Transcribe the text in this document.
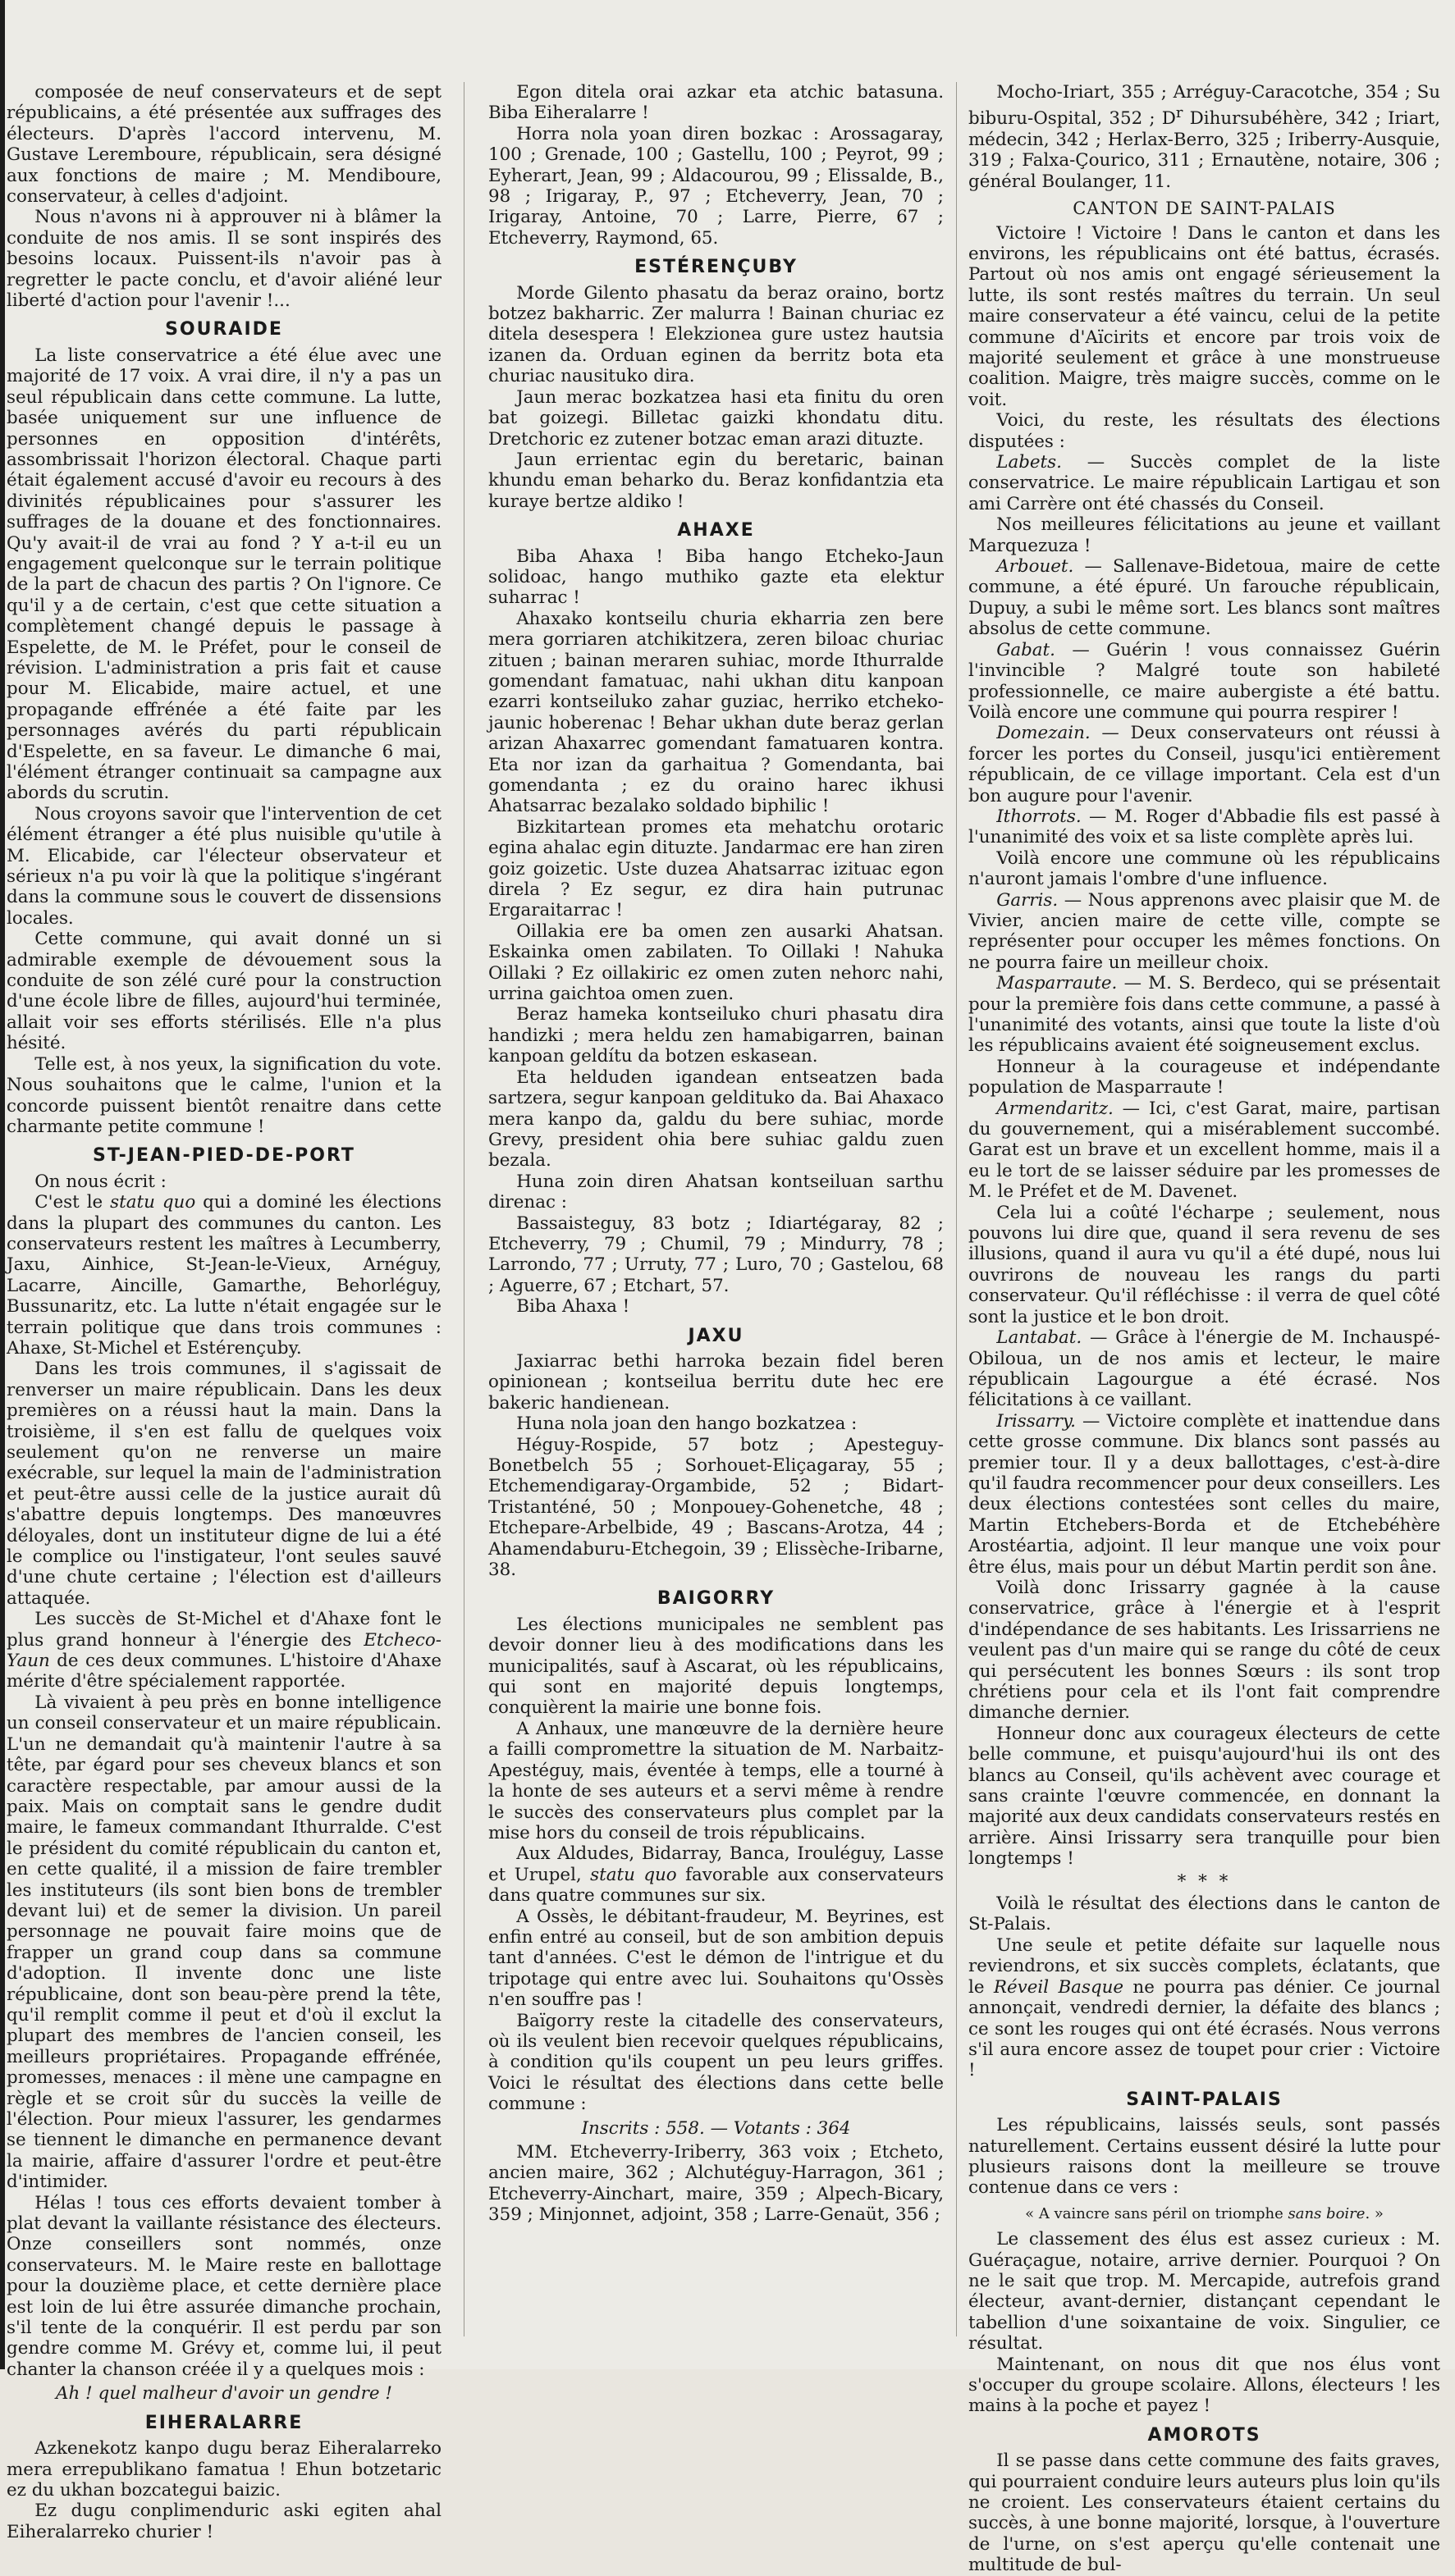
composée de neuf conservateurs et de sept républicains, a été présentée aux suffrages des électeurs. D'après l'accord intervenu, M. Gustave Leremboure, républicain, sera désigné aux fonctions de maire ; M. Mendiboure, conservateur, à celles d'adjoint.

Nous n'avons ni à approuver ni à blâmer la conduite de nos amis. Il se sont inspirés des besoins locaux. Puissent-ils n'avoir pas à regretter le pacte conclu, et d'avoir aliéné leur liberté d'action pour l'avenir !...

SOURAIDE

La liste conservatrice a été élue avec une majorité de 17 voix. A vrai dire, il n'y a pas un seul républicain dans cette commune. La lutte, basée uniquement sur une influence de personnes en opposition d'intérêts, assombrissait l'horizon électoral. Chaque parti était également accusé d'avoir eu recours à des divinités républicaines pour s'assurer les suffrages de la douane et des fonctionnaires. Qu'y avait-il de vrai au fond ? Y a-t-il eu un engagement quelconque sur le terrain politique de la part de chacun des partis ? On l'ignore. Ce qu'il y a de certain, c'est que cette situation a complètement changé depuis le passage à Espelette, de M. le Préfet, pour le conseil de révision. L'administration a pris fait et cause pour M. Elicabide, maire actuel, et une propagande effrénée a été faite par les personnages avérés du parti républicain d'Espelette, en sa faveur. Le dimanche 6 mai, l'élément étranger continuait sa campagne aux abords du scrutin.

Nous croyons savoir que l'intervention de cet élément étranger a été plus nuisible qu'utile à M. Elicabide, car l'électeur observateur et sérieux n'a pu voir là que la politique s'ingérant dans la commune sous le couvert de dissensions locales.

Cette commune, qui avait donné un si admirable exemple de dévouement sous la conduite de son zélé curé pour la construction d'une école libre de filles, aujourd'hui terminée, allait voir ses efforts stérilisés. Elle n'a plus hésité.

Telle est, à nos yeux, la signification du vote. Nous souhaitons que le calme, l'union et la concorde puissent bientôt renaitre dans cette charmante petite commune !

ST-JEAN-PIED-DE-PORT

On nous écrit :

C'est le statu quo qui a dominé les élections dans la plupart des communes du canton. Les conservateurs restent les maîtres à Lecumberry, Jaxu, Ainhice, St-Jean-le-Vieux, Arnéguy, Lacarre, Aincille, Gamarthe, Behorléguy, Bussunaritz, etc. La lutte n'était engagée sur le terrain politique que dans trois communes : Ahaxe, St-Michel et Estérençuby.

Dans les trois communes, il s'agissait de renverser un maire républicain. Dans les deux premières on a réussi haut la main. Dans la troisième, il s'en est fallu de quelques voix seulement qu'on ne renverse un maire exécrable, sur lequel la main de l'administration et peut-être aussi celle de la justice aurait dû s'abattre depuis longtemps. Des manœuvres déloyales, dont un instituteur digne de lui a été le complice ou l'instigateur, l'ont seules sauvé d'une chute certaine ; l'élection est d'ailleurs attaquée.

Les succès de St-Michel et d'Ahaxe font le plus grand honneur à l'énergie des Etcheco-Yaun de ces deux communes. L'histoire d'Ahaxe mérite d'être spécialement rapportée.

Là vivaient à peu près en bonne intelligence un conseil conservateur et un maire républicain. L'un ne demandait qu'à maintenir l'autre à sa tête, par égard pour ses cheveux blancs et son caractère respectable, par amour aussi de la paix. Mais on comptait sans le gendre dudit maire, le fameux commandant Ithurralde. C'est le président du comité républicain du canton et, en cette qualité, il a mission de faire trembler les instituteurs (ils sont bien bons de trembler devant lui) et de semer la division. Un pareil personnage ne pouvait faire moins que de frapper un grand coup dans sa commune d'adoption. Il invente donc une liste républicaine, dont son beau-père prend la tête, qu'il remplit comme il peut et d'où il exclut la plupart des membres de l'ancien conseil, les meilleurs propriétaires. Propagande effrénée, promesses, menaces : il mène une campagne en règle et se croit sûr du succès la veille de l'élection. Pour mieux l'assurer, les gendarmes se tiennent le dimanche en permanence devant la mairie, affaire d'assurer l'ordre et peut-être d'intimider.

Hélas ! tous ces efforts devaient tomber à plat devant la vaillante résistance des électeurs. Onze conseillers sont nommés, onze conservateurs. M. le Maire reste en ballottage pour la douzième place, et cette dernière place est loin de lui être assurée dimanche prochain, s'il tente de la conquérir. Il est perdu par son gendre comme M. Grévy et, comme lui, il peut chanter la chanson créée il y a quelques mois :

Ah ! quel malheur d'avoir un gendre !

EIHERALARRE

Azkenekotz kanpo dugu beraz Eiheralarreko mera errepublikano famatua ! Ehun botzetaric ez du ukhan bozcategui baizic.

Ez dugu conplimenduric aski egiten ahal Eiheralarreko churier !

Egon ditela orai azkar eta atchic batasuna. Biba Eiheralarre !

Horra nola yoan diren bozkac : Arossagaray, 100 ; Grenade, 100 ; Gastellu, 100 ; Peyrot, 99 ; Eyherart, Jean, 99 ; Aldacourou, 99 ; Elissalde, B., 98 ; Irigaray, P., 97 ; Etcheverry, Jean, 70 ; Irigaray, Antoine, 70 ; Larre, Pierre, 67 ; Etcheverry, Raymond, 65.

ESTÉRENÇUBY

Morde Gilento phasatu da beraz oraino, bortz botzez bakharric. Zer malurra ! Bainan churiac ez ditela desespera ! Elekzionea gure ustez hautsia izanen da. Orduan eginen da berritz bota eta churiac nausituko dira.

Jaun merac bozkatzea hasi eta finitu du oren bat goizegi. Billetac gaizki khondatu ditu. Dretchoric ez zutener botzac eman arazi dituzte.

Jaun errientac egin du beretaric, bainan khundu eman beharko du. Beraz konfidantzia eta kuraye bertze aldiko !

AHAXE

Biba Ahaxa ! Biba hango Etcheko-Jaun solidoac, hango muthiko gazte eta elektur suharrac !

Ahaxako kontseilu churia ekharria zen bere mera gorriaren atchikitzera, zeren biloac churiac zituen ; bainan meraren suhiac, morde Ithurralde gomendant famatuac, nahi ukhan ditu kanpoan ezarri kontseiluko zahar guziac, herriko etcheko-jaunic hoberenac ! Behar ukhan dute beraz gerlan arizan Ahaxarrec gomendant famatuaren kontra. Eta nor izan da garhaitua ? Gomendanta, bai gomendanta ; ez du oraino harec ikhusi Ahatsarrac bezalako soldado biphilic !

Bizkitartean promes eta mehatchu orotaric egina ahalac egin dituzte. Jandarmac ere han ziren goiz goizetic. Uste duzea Ahatsarrac izituac egon direla ? Ez segur, ez dira hain putrunac Ergaraitarrac !

Oillakia ere ba omen zen ausarki Ahatsan. Eskainka omen zabilaten. To Oillaki ! Nahuka Oillaki ? Ez oillakiric ez omen zuten nehorc nahi, urrina gaichtoa omen zuen.

Beraz hameka kontseiluko churi phasatu dira handizki ; mera heldu zen hamabigarren, bainan kanpoan geldítu da botzen eskasean.

Eta helduden igandean entseatzen bada sartzera, segur kanpoan geldituko da. Bai Ahaxaco mera kanpo da, galdu du bere suhiac, morde Grevy, president ohia bere suhiac galdu zuen bezala.

Huna zoin diren Ahatsan kontseiluan sarthu direnac :

Bassaisteguy, 83 botz ; Idiartégaray, 82 ; Etcheverry, 79 ; Chumil, 79 ; Mindurry, 78 ; Larrondo, 77 ; Urruty, 77 ; Luro, 70 ; Gastelou, 68 ; Aguerre, 67 ; Etchart, 57.

Biba Ahaxa !

JAXU

Jaxiarrac bethi harroka bezain fidel beren opinionean ; kontseilua berritu dute hec ere bakeric handienean.

Huna nola joan den hango bozkatzea :

Héguy-Rospide, 57 botz ; Apesteguy-Bonetbelch 55 ; Sorhouet-Eliçagaray, 55 ; Etchemendigaray-Orgambide, 52 ; Bidart-Tristanténé, 50 ; Monpouey-Gohenetche, 48 ; Etchepare-Arbelbide, 49 ; Bascans-Arotza, 44 ; Ahamendaburu-Etchegoin, 39 ; Elissèche-Iribarne, 38.

BAIGORRY

Les élections municipales ne semblent pas devoir donner lieu à des modifications dans les municipalités, sauf à Ascarat, où les républicains, qui sont en majorité depuis longtemps, conquièrent la mairie une bonne fois.

A Anhaux, une manœuvre de la dernière heure a failli compromettre la situation de M. Narbaitz-Apestéguy, mais, éventée à temps, elle a tourné à la honte de ses auteurs et a servi même à rendre le succès des conservateurs plus complet par la mise hors du conseil de trois républicains.

Aux Aldudes, Bidarray, Banca, Irouléguy, Lasse et Urupel, statu quo favorable aux conservateurs dans quatre communes sur six.

A Ossès, le débitant-fraudeur, M. Beyrines, est enfin entré au conseil, but de son ambition depuis tant d'années. C'est le démon de l'intrigue et du tripotage qui entre avec lui. Souhaitons qu'Ossès n'en souffre pas !

Baïgorry reste la citadelle des conservateurs, où ils veulent bien recevoir quelques républicains, à condition qu'ils coupent un peu leurs griffes. Voici le résultat des élections dans cette belle commune :

Inscrits : 558. — Votants : 364

MM. Etcheverry-Iriberry, 363 voix ; Etcheto, ancien maire, 362 ; Alchutéguy-Harragon, 361 ; Etcheverry-Ainchart, maire, 359 ; Alpech-Bicary, 359 ; Minjonnet, adjoint, 358 ; Larre-Genaüt, 356 ;

Mocho-Iriart, 355 ; Arréguy-Caracotche, 354 ; Su biburu-Ospital, 352 ; $D^r$ Dihursubéhère, 342 ; Iriart, médecin, 342 ; Herlax-Berro, 325 ; Iriberry-Ausquie, 319 ; Falxa-Çourico, 311 ; Ernautène, notaire, 306 ; général Boulanger, 11.

CANTON DE SAINT-PALAIS

Victoire ! Victoire ! Dans le canton et dans les environs, les républicains ont été battus, écrasés. Partout où nos amis ont engagé sérieusement la lutte, ils sont restés maîtres du terrain. Un seul maire conservateur a été vaincu, celui de la petite commune d'Aïcirits et encore par trois voix de majorité seulement et grâce à une monstrueuse coalition. Maigre, très maigre succès, comme on le voit.

Voici, du reste, les résultats des élections disputées :

Labets. — Succès complet de la liste conservatrice. Le maire républicain Lartigau et son ami Carrère ont été chassés du Conseil.

Nos meilleures félicitations au jeune et vaillant Marquezuza !

Arbouet. — Sallenave-Bidetoua, maire de cette commune, a été épuré. Un farouche républicain, Dupuy, a subi le même sort. Les blancs sont maîtres absolus de cette commune.

Gabat. — Guérin ! vous connaissez Guérin l'invincible ? Malgré toute son habileté professionnelle, ce maire aubergiste a été battu. Voilà encore une commune qui pourra respirer !

Domezain. — Deux conservateurs ont réussi à forcer les portes du Conseil, jusqu'ici entièrement républicain, de ce village important. Cela est d'un bon augure pour l'avenir.

Ithorrots. — M. Roger d'Abbadie fils est passé à l'unanimité des voix et sa liste complète après lui.

Voilà encore une commune où les républicains n'auront jamais l'ombre d'une influence.

Garris. — Nous apprenons avec plaisir que M. de Vivier, ancien maire de cette ville, compte se représenter pour occuper les mêmes fonctions. On ne pourra faire un meilleur choix.

Masparraute. — M. S. Berdeco, qui se présentait pour la première fois dans cette commune, a passé à l'unanimité des votants, ainsi que toute la liste d'où les républicains avaient été soigneusement exclus.

Honneur à la courageuse et indépendante population de Masparraute !

Armendaritz. — Ici, c'est Garat, maire, partisan du gouvernement, qui a misérablement succombé. Garat est un brave et un excellent homme, mais il a eu le tort de se laisser séduire par les promesses de M. le Préfet et de M. Davenet.

Cela lui a coûté l'écharpe ; seulement, nous pouvons lui dire que, quand il sera revenu de ses illusions, quand il aura vu qu'il a été dupé, nous lui ouvrirons de nouveau les rangs du parti conservateur. Qu'il réfléchisse : il verra de quel côté sont la justice et le bon droit.

Lantabat. — Grâce à l'énergie de M. Inchauspé-Obiloua, un de nos amis et lecteur, le maire républicain Lagourgue a été écrasé. Nos félicitations à ce vaillant.

Irissarry. — Victoire complète et inattendue dans cette grosse commune. Dix blancs sont passés au premier tour. Il y a deux ballottages, c'est-à-dire qu'il faudra recommencer pour deux conseillers. Les deux élections contestées sont celles du maire, Martin Etchebers-Borda et de Etchebéhère Arostéartia, adjoint. Il leur manque une voix pour être élus, mais pour un début Martin perdit son âne.

Voilà donc Irissarry gagnée à la cause conservatrice, grâce à l'énergie et à l'esprit d'indépendance de ses habitants. Les Irissarriens ne veulent pas d'un maire qui se range du côté de ceux qui persécutent les bonnes Sœurs : ils sont trop chrétiens pour cela et ils l'ont fait comprendre dimanche dernier.

Honneur donc aux courageux électeurs de cette belle commune, et puisqu'aujourd'hui ils ont des blancs au Conseil, qu'ils achèvent avec courage et sans crainte l'œuvre commencée, en donnant la majorité aux deux candidats conservateurs restés en arrière. Ainsi Irissarry sera tranquille pour bien longtemps !

* * *

Voilà le résultat des élections dans le canton de St-Palais.

Une seule et petite défaite sur laquelle nous reviendrons, et six succès complets, éclatants, que le Réveil Basque ne pourra pas dénier. Ce journal annonçait, vendredi dernier, la défaite des blancs ; ce sont les rouges qui ont été écrasés. Nous verrons s'il aura encore assez de toupet pour crier : Victoire !

SAINT-PALAIS

Les républicains, laissés seuls, sont passés naturellement. Certains eussent désiré la lutte pour plusieurs raisons dont la meilleure se trouve contenue dans ce vers :

« A vaincre sans péril on triomphe sans boire. »

Le classement des élus est assez curieux : M. Guéraçague, notaire, arrive dernier. Pourquoi ? On ne le sait que trop. M. Mercapide, autrefois grand électeur, avant-dernier, distançant cependant le tabellion d'une soixantaine de voix. Singulier, ce résultat.

Maintenant, on nous dit que nos élus vont s'occuper du groupe scolaire. Allons, électeurs ! les mains à la poche et payez !

AMOROTS

Il se passe dans cette commune des faits graves, qui pourraient conduire leurs auteurs plus loin qu'ils ne croient. Les conservateurs étaient certains du succès, à une bonne majorité, lorsque, à l'ouverture de l'urne, on s'est aperçu qu'elle contenait une multitude de bul-
